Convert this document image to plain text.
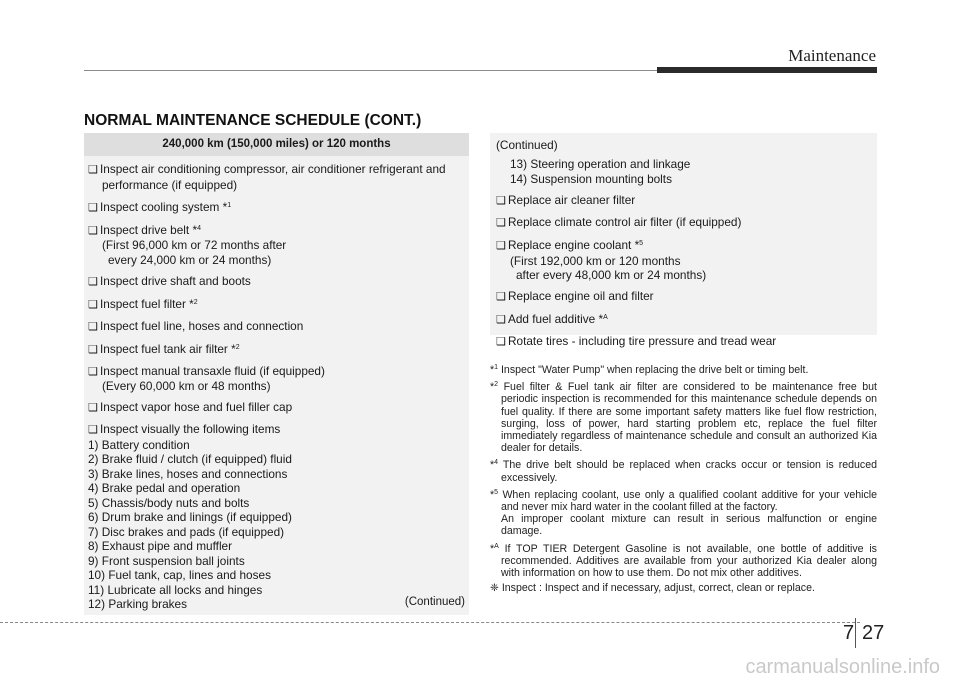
Maintenance
NORMAL MAINTENANCE SCHEDULE (CONT.)
240,000 km (150,000 miles) or 120 months
❑ Inspect air conditioning compressor, air conditioner refrigerant and
performance (if equipped)
❑ Inspect cooling system *$^1$
❑ Inspect drive belt *$^4$
(First 96,000 km or 72 months after
every 24,000 km or 24 months)
❑ Inspect drive shaft and boots
❑ Inspect fuel filter *$^2$
❑ Inspect fuel line, hoses and connection
❑ Inspect fuel tank air filter *$^2$
❑ Inspect manual transaxle fluid (if equipped)
(Every 60,000 km or 48 months)
❑ Inspect vapor hose and fuel filler cap
❑ Inspect visually the following items
1) Battery condition
2) Brake fluid / clutch (if equipped) fluid
3) Brake lines, hoses and connections
4) Brake pedal and operation
5) Chassis/body nuts and bolts
6) Drum brake and linings (if equipped)
7) Disc brakes and pads (if equipped)
8) Exhaust pipe and muffler
9) Front suspension ball joints
10) Fuel tank, cap, lines and hoses
11) Lubricate all locks and hinges
12) Parking brakes	(Continued)
(Continued)
13) Steering operation and linkage
14) Suspension mounting bolts
❑ Replace air cleaner filter
❑ Replace climate control air filter (if equipped)
❑ Replace engine coolant *$^5$
(First 192,000 km or 120 months
after every 48,000 km or 24 months)
❑ Replace engine oil and filter
❑ Add fuel additive *$^A$
❑ Rotate tires - including tire pressure and tread wear

*$^1$ Inspect "Water Pump" when replacing the drive belt or timing belt.

*$^2$ Fuel filter & Fuel tank air filter are considered to be maintenance free but periodic inspection is recommended for this maintenance schedule depends on fuel quality. If there are some important safety matters like fuel flow restriction, surging, loss of power, hard starting problem etc, replace the fuel filter immediately regardless of maintenance schedule and consult an authorized Kia dealer for details.

*$^4$ The drive belt should be replaced when cracks occur or tension is reduced excessively.

*$^5$ When replacing coolant, use only a qualified coolant additive for your vehicle and never mix hard water in the coolant filled at the factory.
An improper coolant mixture can result in serious malfunction or engine damage.

*$^A$ If TOP TIER Detergent Gasoline is not available, one bottle of additive is recommended. Additives are available from your authorized Kia dealer along with information on how to use them. Do not mix other additives.

❈ Inspect : Inspect and if necessary, adjust, correct, clean or replace.

7 27
carmanualsonline.info
